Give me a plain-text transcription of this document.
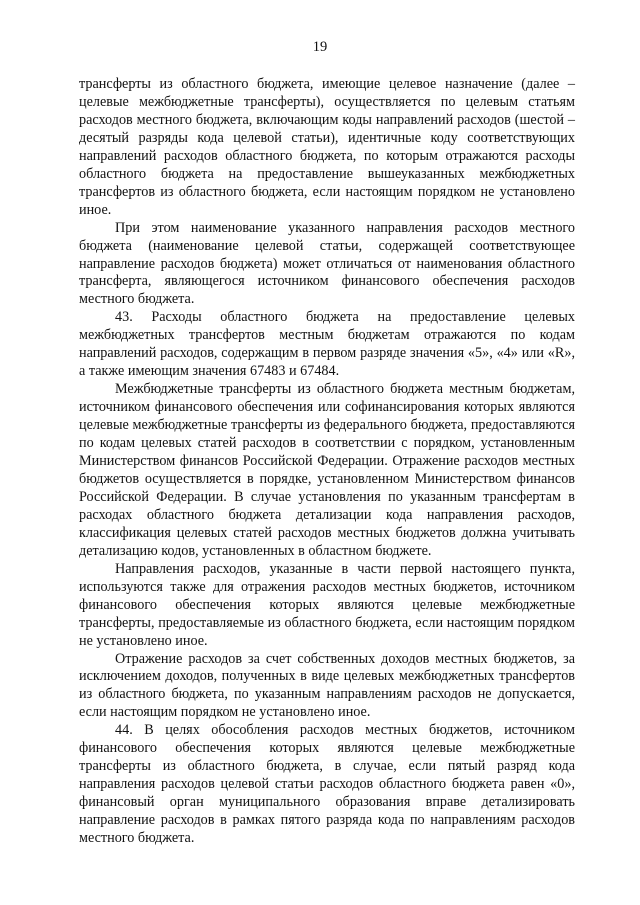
19

трансферты из областного бюджета, имеющие целевое назначение (далее – целевые межбюджетные трансферты), осуществляется по целевым статьям расходов местного бюджета, включающим коды направлений расходов (шестой – десятый разряды кода целевой статьи), идентичные коду соответствующих направлений расходов областного бюджета, по которым отражаются расходы областного бюджета на предоставление вышеуказанных межбюджетных трансфертов из областного бюджета, если настоящим порядком не установлено иное.

При этом наименование указанного направления расходов местного бюджета (наименование целевой статьи, содержащей соответствующее направление расходов бюджета) может отличаться от наименования областного трансферта, являющегося источником финансового обеспечения расходов местного бюджета.

43. Расходы областного бюджета на предоставление целевых межбюджетных трансфертов местным бюджетам отражаются по кодам направлений расходов, содержащим в первом разряде значения «5», «4» или «R», а также имеющим значения 67483 и 67484.

Межбюджетные трансферты из областного бюджета местным бюджетам, источником финансового обеспечения или софинансирования которых являются целевые межбюджетные трансферты из федерального бюджета, предоставляются по кодам целевых статей расходов в соответствии с порядком, установленным Министерством финансов Российской Федерации. Отражение расходов местных бюджетов осуществляется в порядке, установленном Министерством финансов Российской Федерации. В случае установления по указанным трансфертам в расходах областного бюджета детализации кода направления расходов, классификация целевых статей расходов местных бюджетов должна учитывать детализацию кодов, установленных в областном бюджете.

Направления расходов, указанные в части первой настоящего пункта, используются также для отражения расходов местных бюджетов, источником финансового обеспечения которых являются целевые межбюджетные трансферты, предоставляемые из областного бюджета, если настоящим порядком не установлено иное.

Отражение расходов за счет собственных доходов местных бюджетов, за исключением доходов, полученных в виде целевых межбюджетных трансфертов из областного бюджета, по указанным направлениям расходов не допускается, если настоящим порядком не установлено иное.

44. В целях обособления расходов местных бюджетов, источником финансового обеспечения которых являются целевые межбюджетные трансферты из областного бюджета, в случае, если пятый разряд кода направления расходов целевой статьи расходов областного бюджета равен «0», финансовый орган муниципального образования вправе детализировать направление расходов в рамках пятого разряда кода по направлениям расходов местного бюджета.
